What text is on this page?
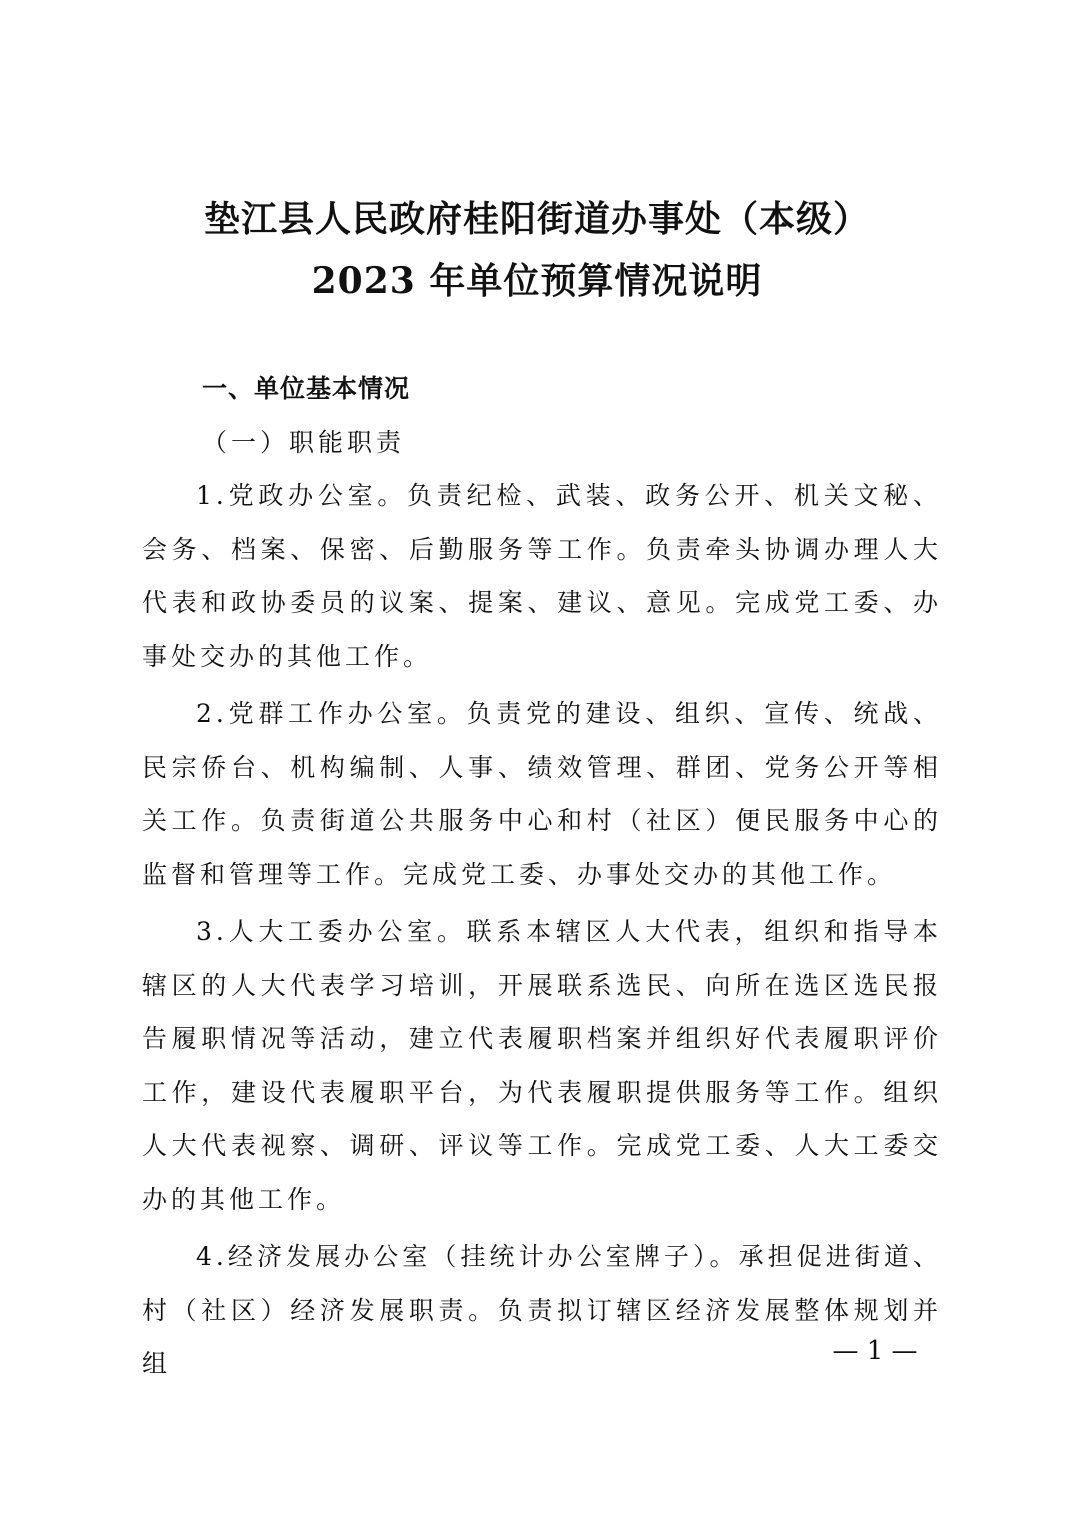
垫江县人民政府桂阳街道办事处（本级）
2023 年单位预算情况说明

一、单位基本情况

（一）职能职责

1.党政办公室。负责纪检、武装、政务公开、机关文秘、会务、档案、保密、后勤服务等工作。负责牵头协调办理人大代表和政协委员的议案、提案、建议、意见。完成党工委、办事处交办的其他工作。

2.党群工作办公室。负责党的建设、组织、宣传、统战、民宗侨台、机构编制、人事、绩效管理、群团、党务公开等相关工作。负责街道公共服务中心和村（社区）便民服务中心的监督和管理等工作。完成党工委、办事处交办的其他工作。

3.人大工委办公室。联系本辖区人大代表，组织和指导本辖区的人大代表学习培训，开展联系选民、向所在选区选民报告履职情况等活动，建立代表履职档案并组织好代表履职评价工作，建设代表履职平台，为代表履职提供服务等工作。组织人大代表视察、调研、评议等工作。完成党工委、人大工委交办的其他工作。

4.经济发展办公室（挂统计办公室牌子）。承担促进街道、村（社区）经济发展职责。负责拟订辖区经济发展整体规划并组	— 1 —
